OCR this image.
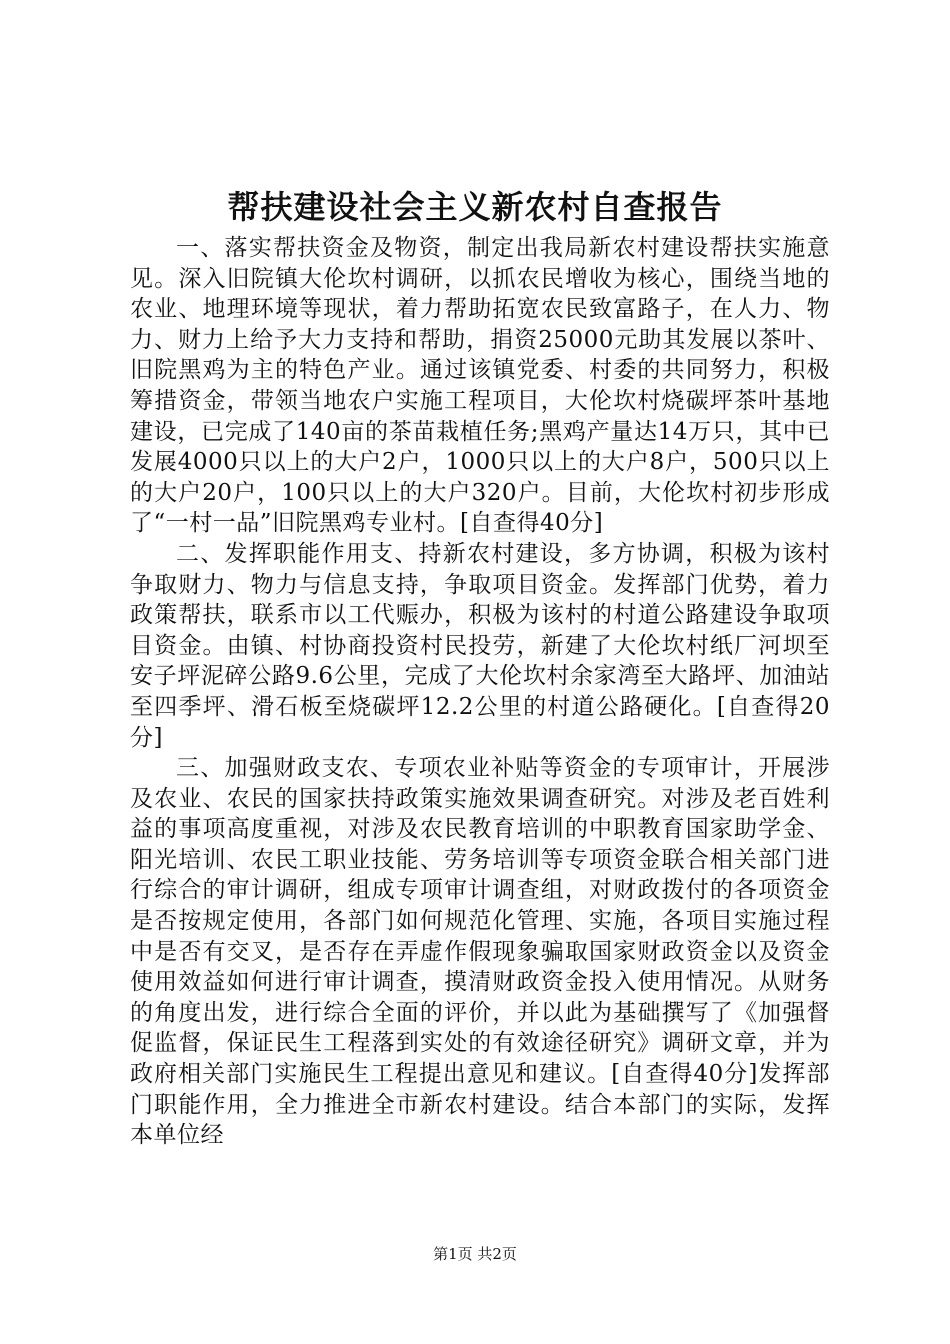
帮扶建设社会主义新农村自查报告

一、落实帮扶资金及物资，制定出我局新农村建设帮扶实施意见。深入旧院镇大伦坎村调研，以抓农民增收为核心，围绕当地的农业、地理环境等现状，着力帮助拓宽农民致富路子，在人力、物力、财力上给予大力支持和帮助，捐资25000元助其发展以茶叶、旧院黑鸡为主的特色产业。通过该镇党委、村委的共同努力，积极筹措资金，带领当地农户实施工程项目，大伦坎村烧碳坪茶叶基地建设，已完成了140亩的茶苗栽植任务;黑鸡产量达14万只，其中已发展4000只以上的大户2户，1000只以上的大户8户，500只以上的大户20户，100只以上的大户320户。目前，大伦坎村初步形成了“一村一品”旧院黑鸡专业村。[自查得40分]

二、发挥职能作用支、持新农村建设，多方协调，积极为该村争取财力、物力与信息支持，争取项目资金。发挥部门优势，着力政策帮扶，联系市以工代赈办，积极为该村的村道公路建设争取项目资金。由镇、村协商投资村民投劳，新建了大伦坎村纸厂河坝至安子坪泥碎公路9.6公里，完成了大伦坎村余家湾至大路坪、加油站至四季坪、滑石板至烧碳坪12.2公里的村道公路硬化。[自查得20分]

三、加强财政支农、专项农业补贴等资金的专项审计，开展涉及农业、农民的国家扶持政策实施效果调查研究。对涉及老百姓利益的事项高度重视，对涉及农民教育培训的中职教育国家助学金、阳光培训、农民工职业技能、劳务培训等专项资金联合相关部门进行综合的审计调研，组成专项审计调查组，对财政拨付的各项资金是否按规定使用，各部门如何规范化管理、实施，各项目实施过程中是否有交叉，是否存在弄虚作假现象骗取国家财政资金以及资金使用效益如何进行审计调查，摸清财政资金投入使用情况。从财务的角度出发，进行综合全面的评价，并以此为基础撰写了《加强督促监督，保证民生工程落到实处的有效途径研究》调研文章，并为政府相关部门实施民生工程提出意见和建议。[自查得40分]发挥部门职能作用，全力推进全市新农村建设。结合本部门的实际，发挥本单位经

第1页 共2页
